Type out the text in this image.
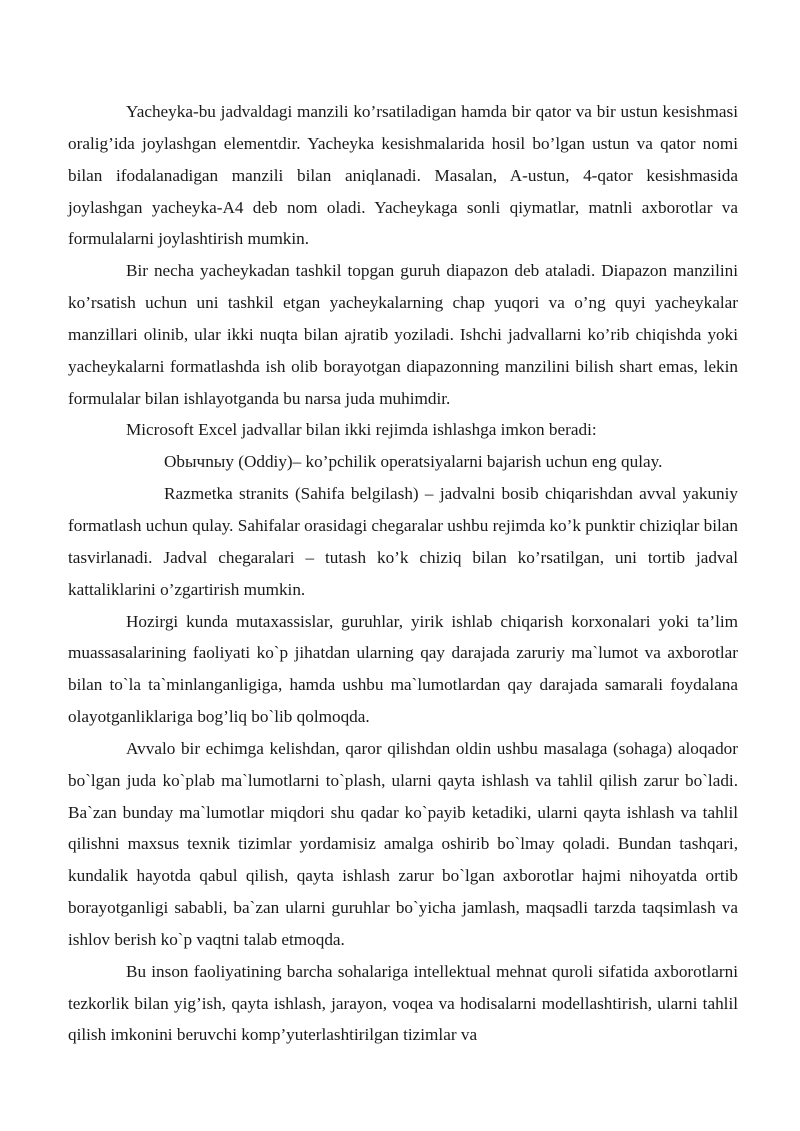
Yacheyka-bu jadvaldagi manzili ko’rsatiladigan hamda bir qator va bir ustun kesishmasi oralig’ida joylashgan elementdir. Yacheyka kesishmalarida hosil bo’lgan ustun va qator nomi bilan ifodalanadigan manzili bilan aniqlanadi. Masalan, A-ustun, 4-qator kesishmasida joylashgan yacheyka-A4 deb nom oladi. Yacheykaga sonli qiymatlar, matnli axborotlar va formulalarni joylashtirish mumkin.

Bir necha yacheykadan tashkil topgan guruh diapazon deb ataladi. Diapazon manzilini ko’rsatish uchun uni tashkil etgan yacheykalarning chap yuqori va o’ng quyi yacheykalar manzillari olinib, ular ikki nuqta bilan ajratib yoziladi. Ishchi jadvallarni ko’rib chiqishda yoki yacheykalarni formatlashda ish olib borayotgan diapazonning manzilini bilish shart emas, lekin formulalar bilan ishlayotganda bu narsa juda muhimdir.

Microsoft Excel jadvallar bilan ikki rejimda ishlashga imkon beradi:

Obычnыy (Oddiy)– ko’pchilik operatsiyalarni bajarish uchun eng qulay.

Razmetka stranits (Sahifa belgilash) – jadvalni bosib chiqarishdan avval yakuniy formatlash uchun qulay. Sahifalar orasidagi chegaralar ushbu rejimda ko’k punktir chiziqlar bilan tasvirlanadi. Jadval chegaralari – tutash ko’k chiziq bilan ko’rsatilgan, uni tortib jadval kattaliklarini o’zgartirish mumkin.

Hozirgi kunda mutaxassislar, guruhlar, yirik ishlab chiqarish korxonalari yoki ta’lim muassasalarining faoliyati ko`p jihatdan ularning qay darajada zaruriy ma`lumot va axborotlar bilan to`la ta`minlanganligiga, hamda ushbu ma`lumotlardan qay darajada samarali foydalana olayotganliklariga bog’liq bo`lib qolmoqda.

Avvalo bir echimga kelishdan, qaror qilishdan oldin ushbu masalaga (sohaga) aloqador bo`lgan juda ko`plab ma`lumotlarni to`plash, ularni qayta ishlash va tahlil qilish zarur bo`ladi. Ba`zan bunday ma`lumotlar miqdori shu qadar ko`payib ketadiki, ularni qayta ishlash va tahlil qilishni maxsus texnik tizimlar yordamisiz amalga oshirib bo`lmay qoladi. Bundan tashqari, kundalik hayotda qabul qilish, qayta ishlash zarur bo`lgan axborotlar hajmi nihoyatda ortib borayotganligi sababli, ba`zan ularni guruhlar bo`yicha jamlash, maqsadli tarzda taqsimlash va ishlov berish ko`p vaqtni talab etmoqda.

Bu inson faoliyatining barcha sohalariga intellektual mehnat quroli sifatida axborotlarni tezkorlik bilan yig’ish, qayta ishlash, jarayon, voqea va hodisalarni modellashtirish, ularni tahlil qilish imkonini beruvchi komp’yuterlashtirilgan tizimlar va
